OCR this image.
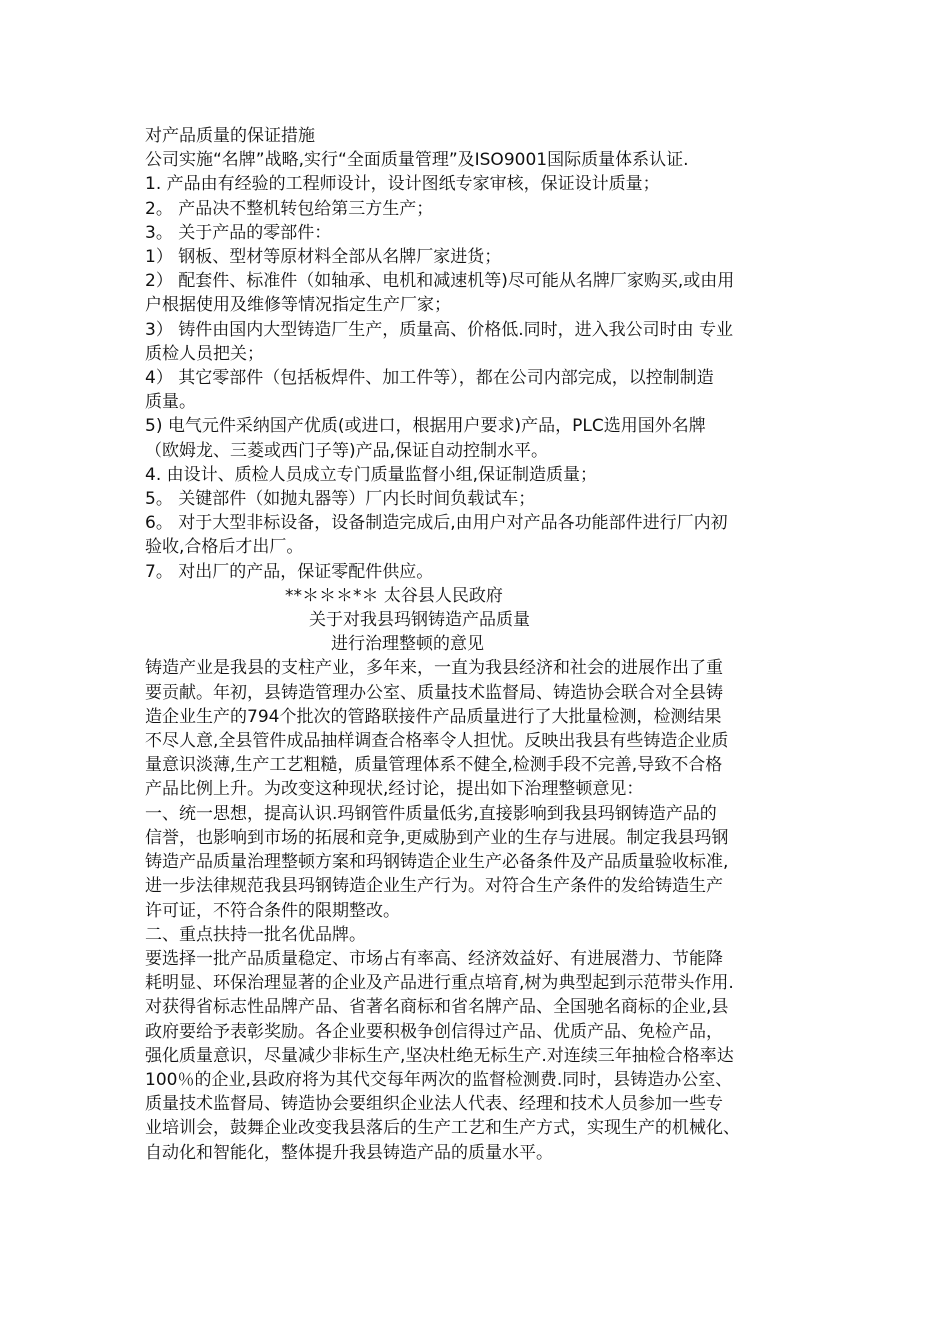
对产品质量的保证措施

公司实施“名牌”战略,实行“全面质量管理”及ISO9001国际质量体系认证.

1. 产品由有经验的工程师设计，设计图纸专家审核，保证设计质量；

2。 产品决不整机转包给第三方生产；

3。 关于产品的零部件：

1） 钢板、型材等原材料全部从名牌厂家进货；

2） 配套件、标准件（如轴承、电机和减速机等)尽可能从名牌厂家购买,或由用

户根据使用及维修等情况指定生产厂家；

3） 铸件由国内大型铸造厂生产，质量高、价格低.同时，进入我公司时由 专业

质检人员把关；

4） 其它零部件（包括板焊件、加工件等），都在公司内部完成，以控制制造

质量。

5) 电气元件采纳国产优质(或进口，根据用户要求)产品，PLC选用国外名牌

（欧姆龙、三菱或西门子等)产品,保证自动控制水平。

4. 由设计、质检人员成立专门质量监督小组,保证制造质量；

5。 关键部件（如抛丸器等）厂内长时间负载试车；

6。 对于大型非标设备，设备制造完成后,由用户对产品各功能部件进行厂内初

验收,合格后才出厂。

7。 对出厂的产品，保证零配件供应。

**＊＊＊*＊ 太谷县人民政府

关于对我县玛钢铸造产品质量

进行治理整顿的意见

铸造产业是我县的支柱产业，多年来，一直为我县经济和社会的进展作出了重

要贡献。年初，县铸造管理办公室、质量技术监督局、铸造协会联合对全县铸

造企业生产的794个批次的管路联接件产品质量进行了大批量检测，检测结果

不尽人意,全县管件成品抽样调查合格率令人担忧。反映出我县有些铸造企业质

量意识淡薄,生产工艺粗糙，质量管理体系不健全,检测手段不完善,导致不合格

产品比例上升。为改变这种现状,经讨论，提出如下治理整顿意见：

一、统一思想，提高认识.玛钢管件质量低劣,直接影响到我县玛钢铸造产品的

信誉，也影响到市场的拓展和竞争,更威胁到产业的生存与进展。制定我县玛钢

铸造产品质量治理整顿方案和玛钢铸造企业生产必备条件及产品质量验收标准,

进一步法律规范我县玛钢铸造企业生产行为。对符合生产条件的发给铸造生产

许可证，不符合条件的限期整改。

二、重点扶持一批名优品牌。

要选择一批产品质量稳定、市场占有率高、经济效益好、有进展潜力、节能降

耗明显、环保治理显著的企业及产品进行重点培育,树为典型起到示范带头作用.

对获得省标志性品牌产品、省著名商标和省名牌产品、全国驰名商标的企业,县

政府要给予表彰奖励。各企业要积极争创信得过产品、优质产品、免检产品，

强化质量意识，尽量减少非标生产,坚决杜绝无标生产.对连续三年抽检合格率达

100％的企业,县政府将为其代交每年两次的监督检测费.同时，县铸造办公室、

质量技术监督局、铸造协会要组织企业法人代表、经理和技术人员参加一些专

业培训会，鼓舞企业改变我县落后的生产工艺和生产方式，实现生产的机械化、

自动化和智能化，整体提升我县铸造产品的质量水平。
